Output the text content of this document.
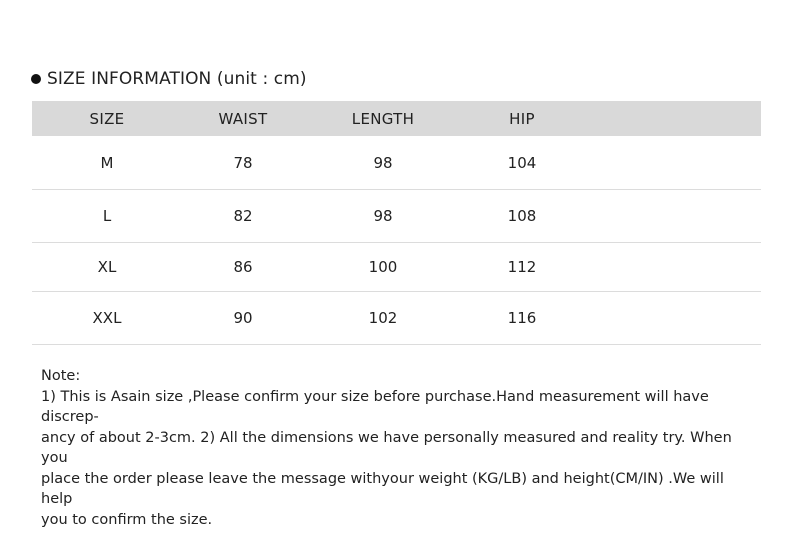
SIZE INFORMATION (unit : cm)
SIZE	WAIST	LENGTH	HIP
M	78	98	104
L	82	98	108
XL	86	100	112
XXL	90	102	116

Note:

1) This is Asain size ,Please confirm your size before purchase.Hand measurement will have discrep-

ancy of about 2-3cm. 2) All the dimensions we have personally measured and reality try. When you

place the order please leave the message withyour weight (KG/LB) and height(CM/IN) .We will help

you to confirm the size.
